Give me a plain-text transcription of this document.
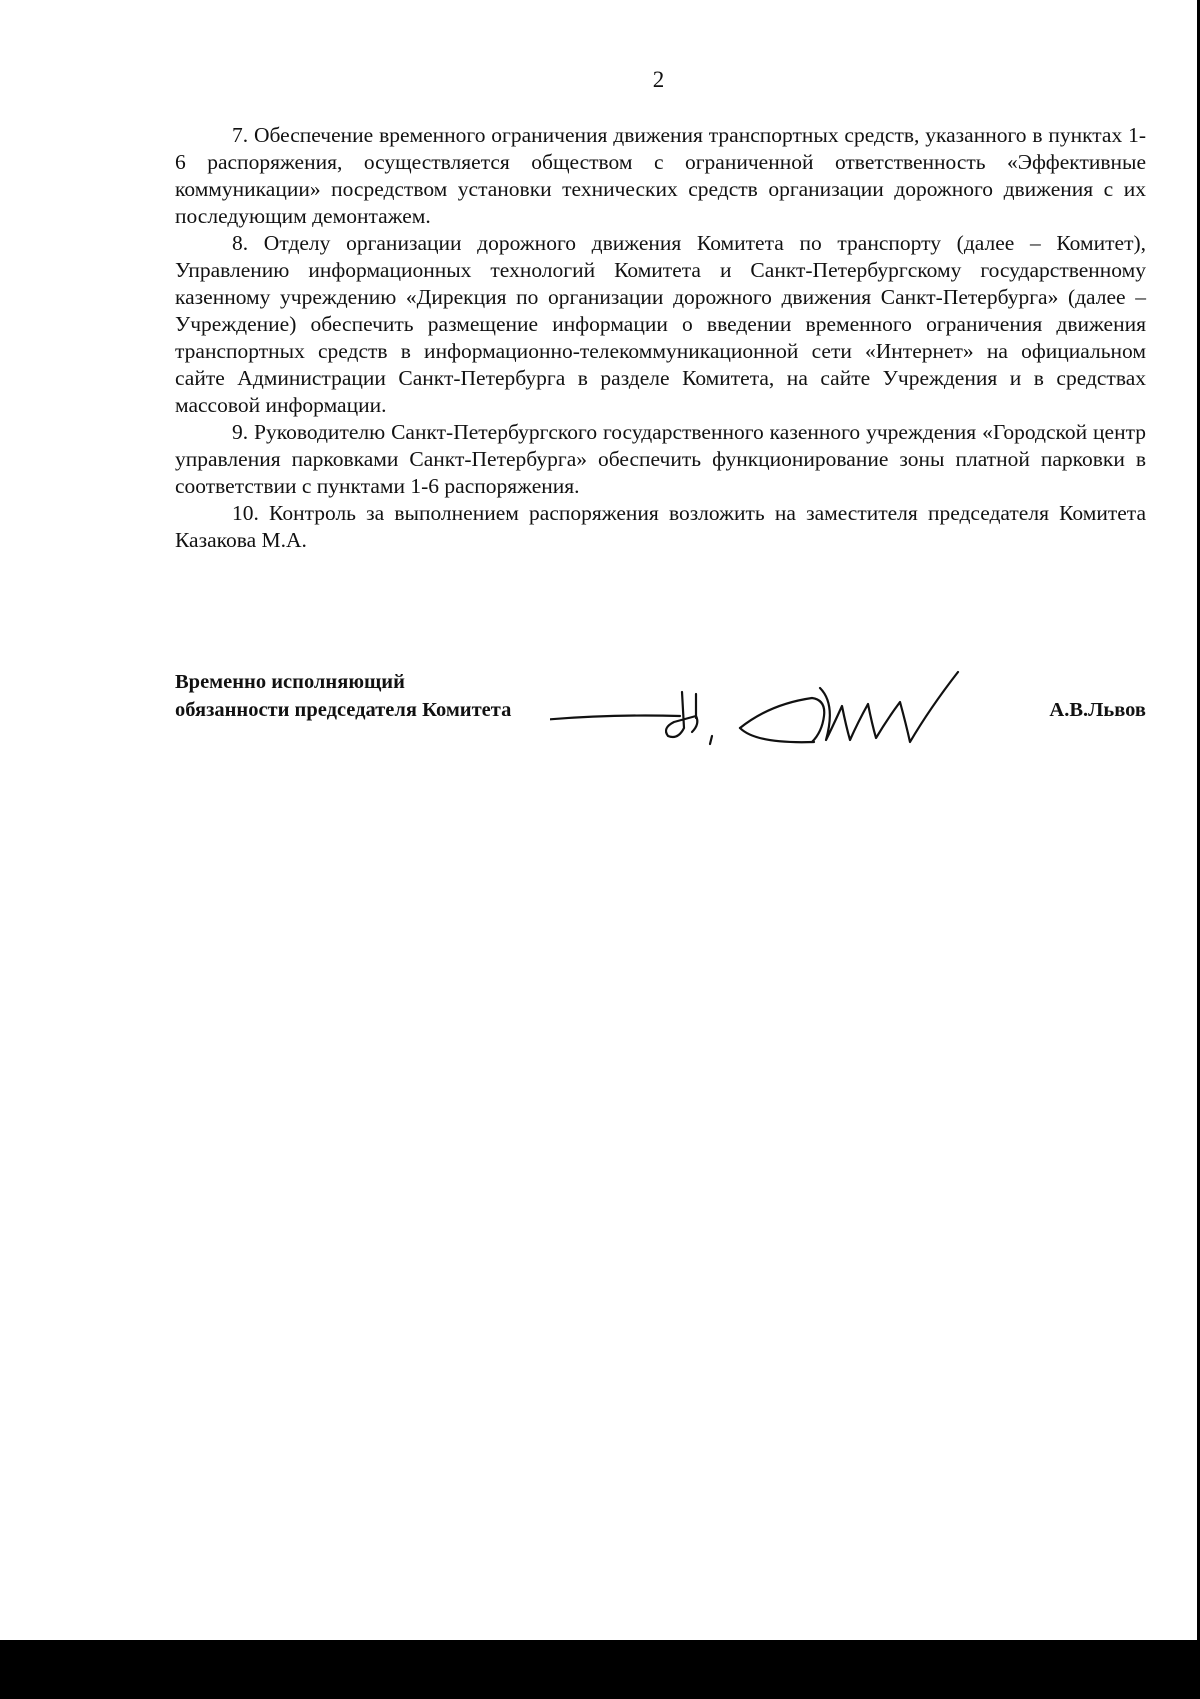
2

7. Обеспечение временного ограничения движения транспортных средств, указанного в пунктах 1-6 распоряжения, осуществляется обществом с ограниченной ответственность «Эффективные коммуникации» посредством установки технических средств организации дорожного движения с их последующим демонтажем.

8. Отделу организации дорожного движения Комитета по транспорту (далее – Комитет), Управлению информационных технологий Комитета и Санкт-Петербургскому государственному казенному учреждению «Дирекция по организации дорожного движения Санкт-Петербурга» (далее – Учреждение) обеспечить размещение информации о введении временного ограничения движения транспортных средств в информационно-телекоммуникационной сети «Интернет» на официальном сайте Администрации Санкт-Петербурга в разделе Комитета, на сайте Учреждения и в средствах массовой информации.

9. Руководителю Санкт-Петербургского государственного казенного учреждения «Городской центр управления парковками Санкт-Петербурга» обеспечить функционирование зоны платной парковки в соответствии с пунктами 1-6 распоряжения.

10. Контроль за выполнением распоряжения возложить на заместителя председателя Комитета Казакова М.А.

Временно исполняющий
обязанности председателя Комитета	А.В.Львов
